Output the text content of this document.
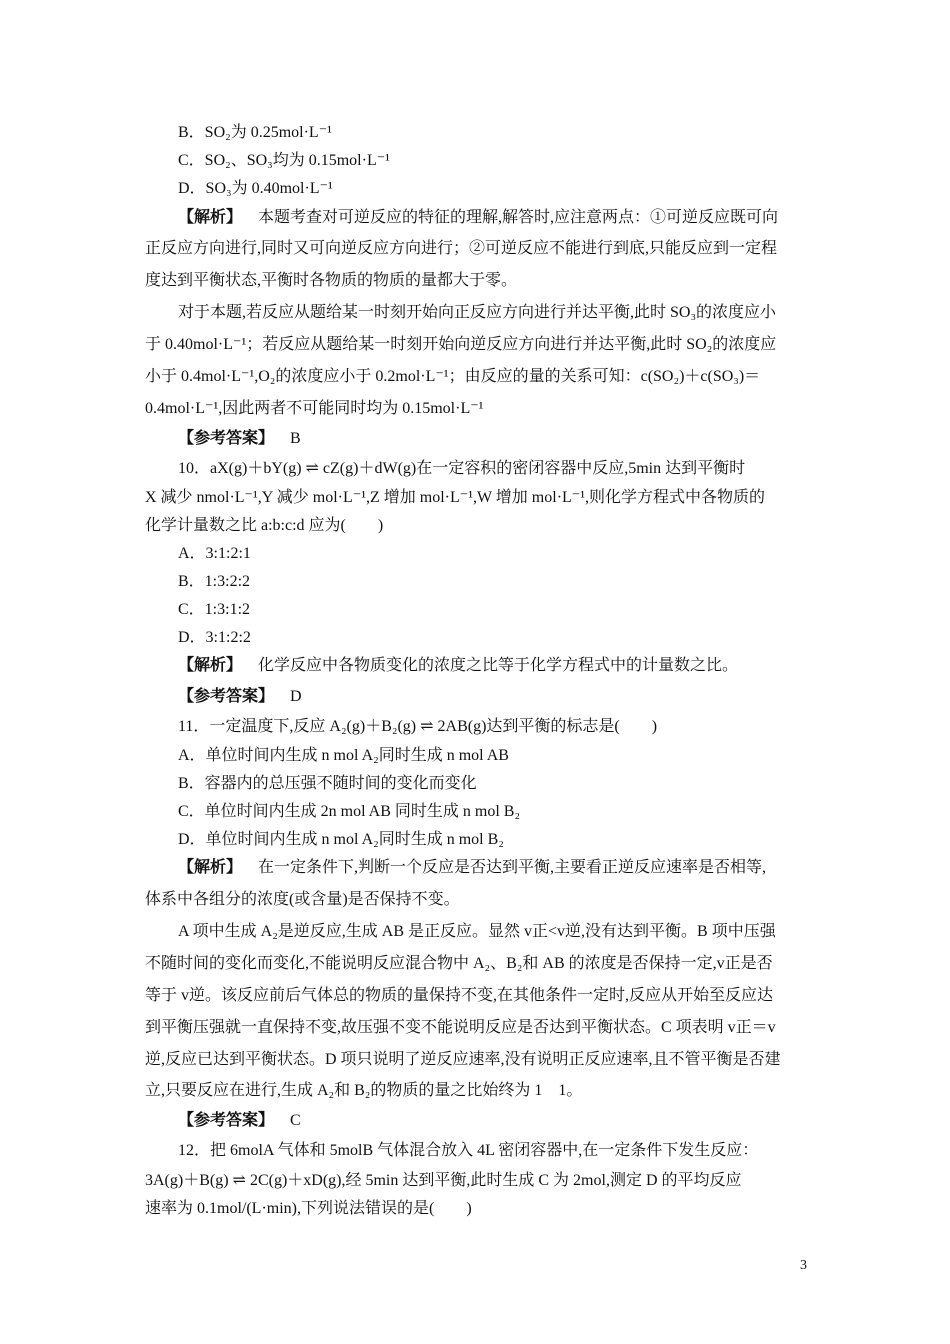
B．SO₂为 0.25mol·L⁻¹
C．SO₂、SO₃均为 0.15mol·L⁻¹
D．SO₃为 0.40mol·L⁻¹
【解析】 本题考查对可逆反应的特征的理解,解答时,应注意两点：①可逆反应既可向
正反应方向进行,同时又可向逆反应方向进行；②可逆反应不能进行到底,只能反应到一定程
度达到平衡状态,平衡时各物质的物质的量都大于零。
对于本题,若反应从题给某一时刻开始向正反应方向进行并达平衡,此时 SO₃的浓度应小
于 0.40mol·L⁻¹；若反应从题给某一时刻开始向逆反应方向进行并达平衡,此时 SO₂的浓度应
小于 0.4mol·L⁻¹,O₂的浓度应小于 0.2mol·L⁻¹；由反应的量的关系可知：c(SO₂)＋c(SO₃)＝
0.4mol·L⁻¹,因此两者不可能同时均为 0.15mol·L⁻¹
【参考答案】 B
10．aX(g)＋bY(g) ⇌ cZ(g)＋dW(g)在一定容积的密闭容器中反应,5min 达到平衡时
X 减少 nmol·L⁻¹,Y 减少 mol·L⁻¹,Z 增加 mol·L⁻¹,W 增加 mol·L⁻¹,则化学方程式中各物质的
化学计量数之比 a:b:c:d 应为(　　)
A．3:1:2:1
B．1:3:2:2
C．1:3:1:2
D．3:1:2:2
【解析】 化学反应中各物质变化的浓度之比等于化学方程式中的计量数之比。
【参考答案】 D
11．一定温度下,反应 A₂(g)＋B₂(g) ⇌ 2AB(g)达到平衡的标志是(　　)
A．单位时间内生成 n mol A₂同时生成 n mol AB
B．容器内的总压强不随时间的变化而变化
C．单位时间内生成 2n mol AB 同时生成 n mol B₂
D．单位时间内生成 n mol A₂同时生成 n mol B₂
【解析】 在一定条件下,判断一个反应是否达到平衡,主要看正逆反应速率是否相等,
体系中各组分的浓度(或含量)是否保持不变。
A 项中生成 A₂是逆反应,生成 AB 是正反应。显然 v正<v逆,没有达到平衡。B 项中压强
不随时间的变化而变化,不能说明反应混合物中 A₂、B₂和 AB 的浓度是否保持一定,v正是否
等于 v逆。该反应前后气体总的物质的量保持不变,在其他条件一定时,反应从开始至反应达
到平衡压强就一直保持不变,故压强不变不能说明反应是否达到平衡状态。C 项表明 v正＝v
逆,反应已达到平衡状态。D 项只说明了逆反应速率,没有说明正反应速率,且不管平衡是否建
立,只要反应在进行,生成 A₂和 B₂的物质的量之比始终为 1　1。
【参考答案】 C
12．把 6molA 气体和 5molB 气体混合放入 4L 密闭容器中,在一定条件下发生反应：
3A(g)＋B(g) ⇌ 2C(g)＋xD(g),经 5min 达到平衡,此时生成 C 为 2mol,测定 D 的平均反应
速率为 0.1mol/(L·min),下列说法错误的是(　　)
3
